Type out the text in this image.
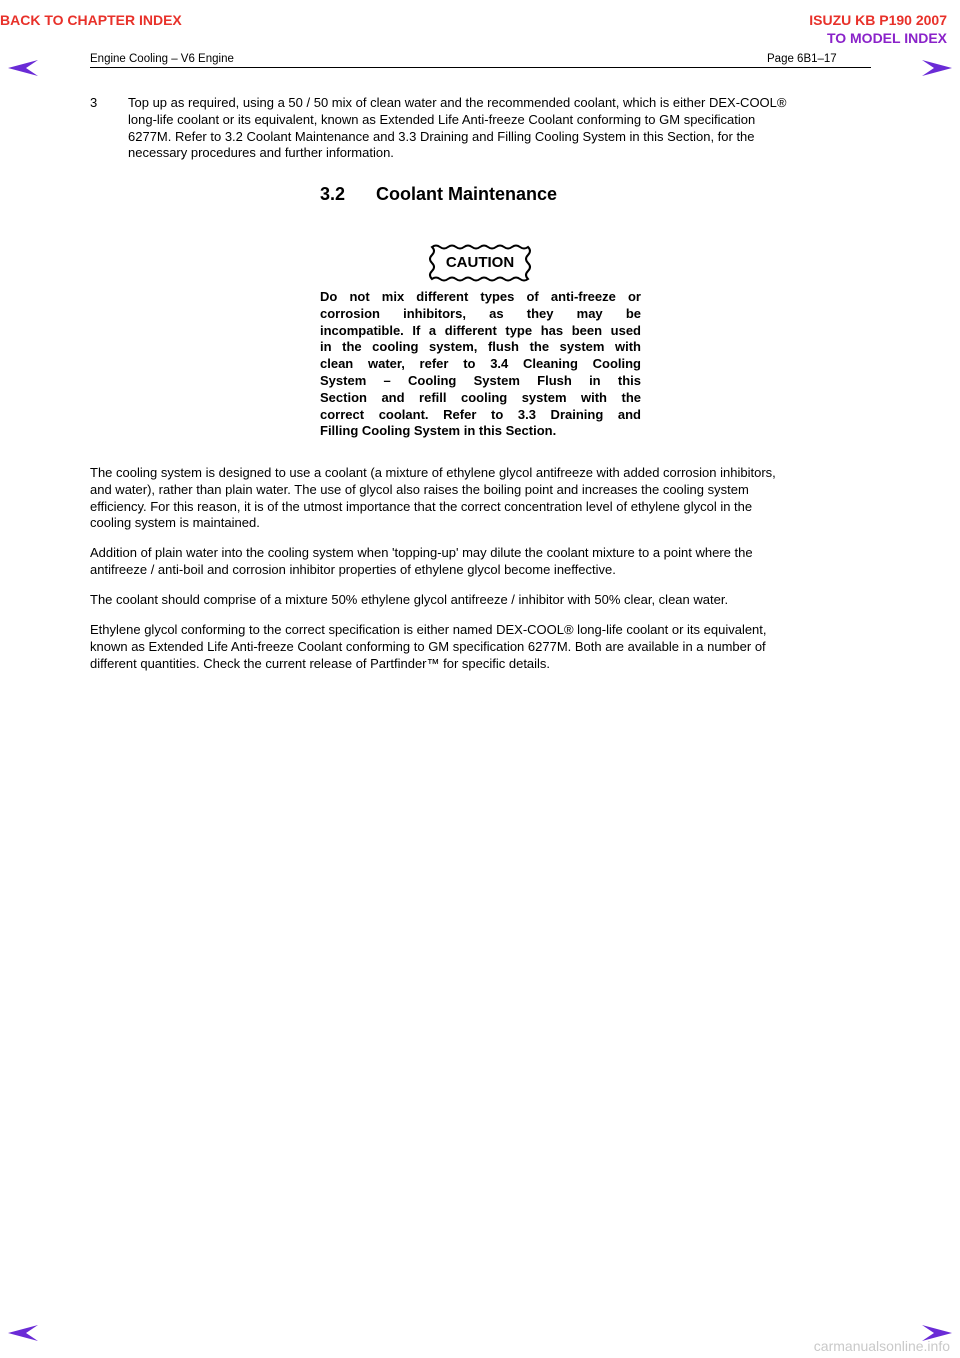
BACK TO CHAPTER INDEX	ISUZU KB P190 2007
TO MODEL INDEX
Engine Cooling – V6 Engine	Page 6B1–17
3 Top up as required, using a 50 / 50 mix of clean water and the recommended coolant, which is either DEX-COOL®
long-life coolant or its equivalent, known as Extended Life Anti-freeze Coolant conforming to GM specification
6277M. Refer to 3.2 Coolant Maintenance and 3.3 Draining and Filling Cooling System in this Section, for the
necessary procedures and further information.
3.2 Coolant Maintenance
CAUTION
Do not mix different types of anti-freeze or
corrosion inhibitors, as they may be
incompatible. If a different type has been used
in the cooling system, flush the system with
clean water, refer to 3.4 Cleaning Cooling
System – Cooling System Flush in this
Section and refill cooling system with the
correct coolant. Refer to 3.3 Draining and
Filling Cooling System in this Section.
The cooling system is designed to use a coolant (a mixture of ethylene glycol antifreeze with added corrosion inhibitors,
and water), rather than plain water. The use of glycol also raises the boiling point and increases the cooling system
efficiency. For this reason, it is of the utmost importance that the correct concentration level of ethylene glycol in the
cooling system is maintained.
Addition of plain water into the cooling system when 'topping-up' may dilute the coolant mixture to a point where the
antifreeze / anti-boil and corrosion inhibitor properties of ethylene glycol become ineffective.
The coolant should comprise of a mixture 50% ethylene glycol antifreeze / inhibitor with 50% clear, clean water.
Ethylene glycol conforming to the correct specification is either named DEX-COOL® long-life coolant or its equivalent,
known as Extended Life Anti-freeze Coolant conforming to GM specification 6277M. Both are available in a number of
different quantities. Check the current release of Partfinder™ for specific details.
carmanualsonline.info
